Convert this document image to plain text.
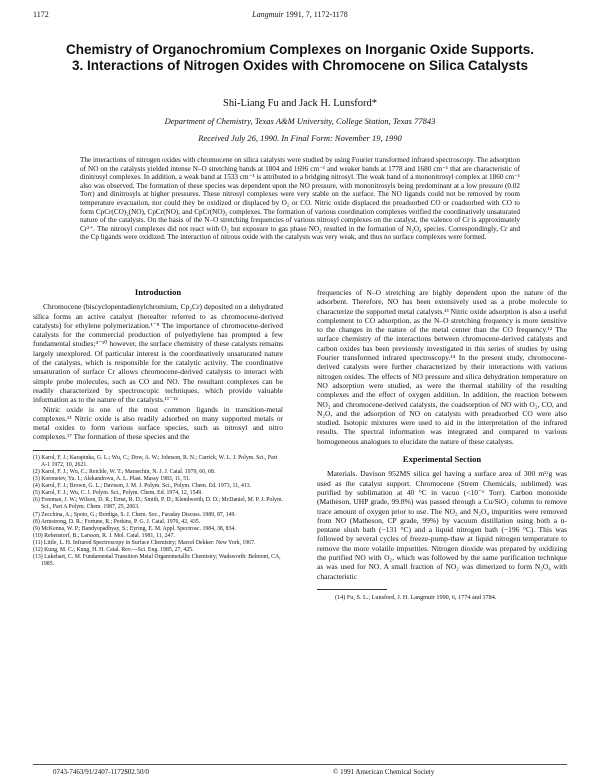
1172	Langmuir 1991, 7, 1172-1178
Chemistry of Organochromium Complexes on Inorganic Oxide Supports. 3. Interactions of Nitrogen Oxides with Chromocene on Silica Catalysts
Shi-Liang Fu and Jack H. Lunsford*
Department of Chemistry, Texas A&M University, College Station, Texas 77843
Received July 26, 1990. In Final Form: November 19, 1990

The interactions of nitrogen oxides with chromocene on silica catalysts were studied by using Fourier transformed infrared spectroscopy. The adsorption of NO on the catalysts yielded intense N–O stretching bands at 1804 and 1696 cm⁻¹ and weaker bands at 1778 and 1680 cm⁻¹ that are characteristic of dinitrosyl complexes. In addition, a weak band at 1533 cm⁻¹ is attributed to a bridging nitrosyl. The weak band of a mononitrosyl complex at 1860 cm⁻¹ also was observed. The formation of these species was dependent upon the NO pressure, with mononitrosyls being predominant at a low pressure (0.02 Torr) and dinitrosyls at higher pressures. These nitrosyl complexes were very stable on the surface. The NO ligands could not be removed by room temperature evacuation, nor could they be oxidized or displaced by O₂ or CO. Nitric oxide displaced the preadsorbed CO or coadsorbed with CO to form CpCr(CO)₂(NO), CpCr(NO), and CpCr(NO)₂ complexes. The formation of various coordination complexes verified the coordinatively unsaturated nature of the catalysts. On the basis of the N–O stretching frequencies of various nitrosyl complexes on the catalyst, the valence of Cr is approximately Cr²⁺. The nitrosyl complexes did not react with O₂ but exposure to gas phase NO₂ resulted in the formation of N₂O₄ species. Correspondingly, Cr and the Cp ligands were oxidized. The interaction of nitrous oxide with the catalysts was very weak, and thus no surface complexes were formed.

Introduction

Chromocene (biscyclopentadienylchromium, Cp₂Cr) deposited on a dehydrated silica forms an active catalyst (hereafter referred to as chromocene-derived catalysts) for ethylene polymerization.¹⁻⁸ The importance of chromocene-derived catalysts for the commercial production of polyethylene has prompted a few fundamental studies;⁴⁻¹⁰ however, the surface chemistry of these catalysts remains largely unexplored. Of particular interest is the coordinatively unsaturated nature of the catalysts, which is responsible for the catalytic activity. The coordinative unsaturation of surface Cr allows chromocene-derived catalysts to interact with simple probe molecules, such as CO and NO. The resultant complexes can be readily characterized by spectroscopic techniques, which provide valuable information as to the nature of the catalysts.¹¹⁻¹²

Nitric oxide is one of the most common ligands in transition-metal complexes.¹³ Nitric oxide is also readily adsorbed on many supported metals or metal oxides to form various surface species, such as nitrosyl and nitro complexes.¹⁷ The formation of these species and the

(1) Karol, F. J.; Karapinka, G. L.; Wu, C.; Dow, A. W.; Johnson, R. N.; Carrick, W. L. J. Polym. Sci., Part A-1 1972, 10, 2621.
(2) Karol, F. J.; Wu, C.; Reichle, W. T.; Maraschin, N. J. J. Catal. 1979, 60, 68.
(3) Koroneiev, Yu. I.; Alekandrova, A. L. Plast. Massy 1983, 11, 51.
(4) Karol, F. J.; Brown, G. L.; Davison, J. M. J. Polym. Sci., Polym. Chem. Ed. 1973, 11, 413.
(5) Karol, F. J.; Wu, C. J. Polym. Sci., Polym. Chem. Ed. 1974, 12, 1549.
(6) Freeman, J. W.; Wilson, D. R.; Ernst, R. D.; Smith, P. D.; Klendworth, D. D.; McDaniel, M. P. J. Polym. Sci., Part A Polym. Chem. 1987, 25, 2063.
(7) Zecchina, A.; Spoto, G.; Bordiga, S. J. Chem. Soc., Faraday Discuss. 1989, 87, 149.
(8) Armstrong, D. R.; Fortune, R.; Perkins, P. G. J. Catal. 1976, 42, 435.
(9) McKenna, W. P.; Bandyopadhyay, S.; Eyring, E. M. Appl. Spectrosc. 1984, 38, 834.
(10) Rebenstorf, B.; Larsson, R. J. Mol. Catal. 1981, 11, 247.
(11) Little, L. H. Infrared Spectroscopy in Surface Chemistry; Marcel Dekker: New York, 1967.
(12) Kung, M. C.; Kung, H. H. Catal. Rev.—Sci. Eng. 1985, 27, 425.
(13) Lukehart, C. M. Fundamental Transition Metal Organometallic Chemistry; Wadsworth: Belmont, CA, 1985.

frequencies of N–O stretching are highly dependent upon the nature of the adsorbent. Therefore, NO has been extensively used as a probe molecule to characterize the supported metal catalysts.¹³ Nitric oxide adsorption is also a useful complement to CO adsorption, as the N–O stretching frequency is more sensitive to the changes in the nature of the metal center than the CO frequency.¹² The surface chemistry of the interactions between chromocene-derived catalysts and carbon oxides has been previously investigated in this series of studies by using Fourier transformed infrared spectroscopy.¹⁴ In the present study, chromocene-derived catalysts were further characterized by their interactions with various nitrogen oxides. The effects of NO pressure and silica dehydration temperature on NO adsorption were studied, as were the thermal stability of the resulting complexes and the effect of oxygen addition. In addition, the reaction between NO₂ and chromocene-derived catalysts, the coadsorption of NO with O₂, CO, and N₂O, and the adsorption of NO on catalysts with preadsorbed CO were also studied. Isotopic mixtures were used to aid in the interpretation of the infrared results. The spectral information was integrated and compared to various homogeneous analogues to elucidate the nature of these catalysts.

Experimental Section

Materials. Davison 952MS silica gel having a surface area of 300 m²/g was used as the catalyst support. Chromocene (Strem Chemicals, sublimed) was purified by sublimation at 40 °C in vacuo (<10⁻⁶ Torr). Carbon monoxide (Matheson, UHP grade, 99.8%) was passed through a Cu/SiO₂ column to remove trace amount of oxygen prior to use. The NO₂ and N₂O₄ impurities were removed from NO (Matheson, CP grade, 99%) by vacuum distillation using both a n-pentane slush bath (−131 °C) and a liquid nitrogen bath (−196 °C). This was followed by several cycles of freeze-pump-thaw at liquid nitrogen temperature to remove the more volatile impurities. Nitrogen dioxide was prepared by oxidizing the purified NO with O₂, which was followed by the same purification technique as was used for NO. A small fraction of NO₂ was dimerized to form N₂O₄ with characteristic

(14) Fu, S. L.; Lunsford, J. H. Langmuir 1990, 6, 1774 and 1784.

0743-7463/91/2407-1172$02.50/0	© 1991 American Chemical Society
